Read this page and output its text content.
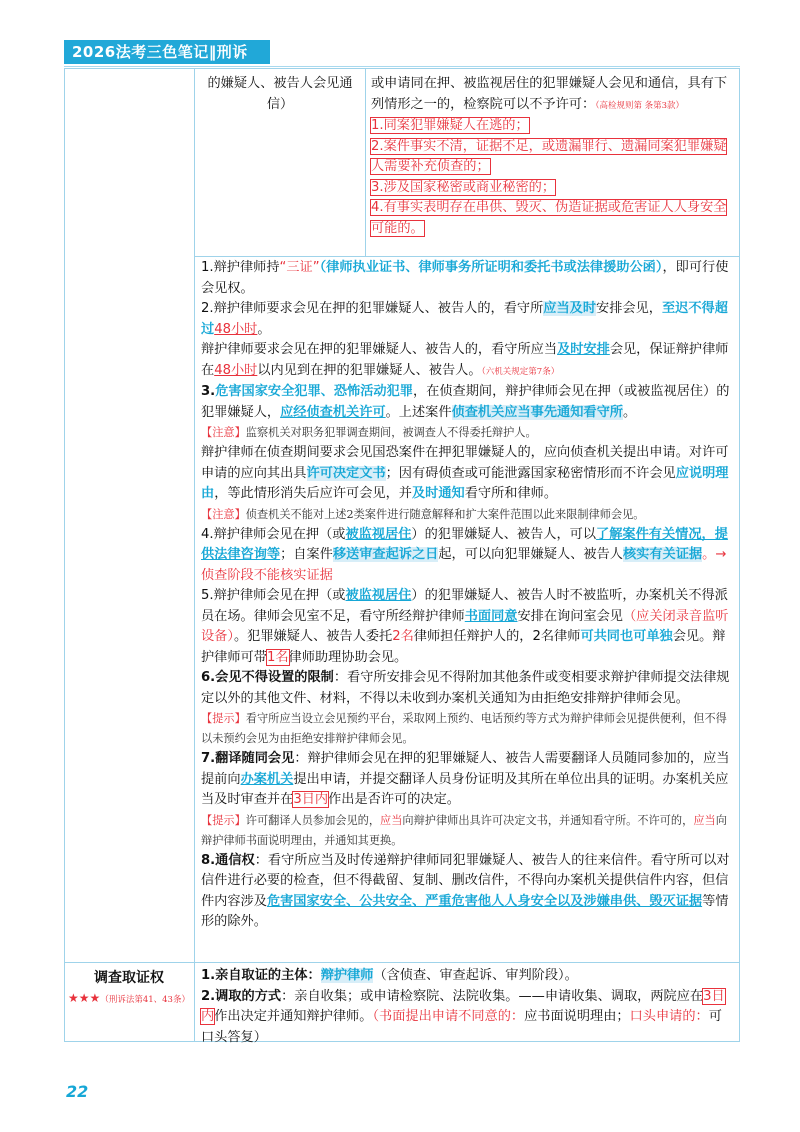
2026法考三色笔记‖刑诉
的嫌疑人、被告人会见通信）

或申请同在押、被监视居住的犯罪嫌疑人会见和通信，具有下列情形之一的，检察院可以不予许可：（高检规则第 条第3款）

1.同案犯罪嫌疑人在逃的；

2.案件事实不清，证据不足，或遗漏罪行、遗漏同案犯罪嫌疑人需要补充侦查的；

3.涉及国家秘密或商业秘密的；

4.有事实表明存在串供、毁灭、伪造证据或危害证人人身安全可能的。

1.辩护律师持“三证”（律师执业证书、律师事务所证明和委托书或法律援助公函），即可行使会见权。

2.辩护律师要求会见在押的犯罪嫌疑人、被告人的，看守所应当及时安排会见，至迟不得超过48小时。

辩护律师要求会见在押的犯罪嫌疑人、被告人的，看守所应当及时安排会见，保证辩护律师在48小时以内见到在押的犯罪嫌疑人、被告人。（六机关规定第7条）

3.危害国家安全犯罪、恐怖活动犯罪，在侦查期间，辩护律师会见在押（或被监视居住）的犯罪嫌疑人，应经侦查机关许可。上述案件侦查机关应当事先通知看守所。

【注意】监察机关对职务犯罪调查期间，被调查人不得委托辩护人。

辩护律师在侦查期间要求会见国恐案件在押犯罪嫌疑人的，应向侦查机关提出申请。对许可申请的应向其出具许可决定文书；因有碍侦查或可能泄露国家秘密情形而不许会见应说明理由，等此情形消失后应许可会见，并及时通知看守所和律师。

【注意】侦查机关不能对上述2类案件进行随意解释和扩大案件范围以此来限制律师会见。

4.辩护律师会见在押（或被监视居住）的犯罪嫌疑人、被告人，可以了解案件有关情况，提供法律咨询等；自案件移送审查起诉之日起，可以向犯罪嫌疑人、被告人核实有关证据。→侦查阶段不能核实证据

5.辩护律师会见在押（或被监视居住）的犯罪嫌疑人、被告人时不被监听，办案机关不得派员在场。律师会见室不足，看守所经辩护律师书面同意安排在询问室会见（应关闭录音监听设备）。犯罪嫌疑人、被告人委托2名律师担任辩护人的，2名律师可共同也可单独会见。辩护律师可带1名律师助理协助会见。

6.会见不得设置的限制：看守所安排会见不得附加其他条件或变相要求辩护律师提交法律规定以外的其他文件、材料，不得以未收到办案机关通知为由拒绝安排辩护律师会见。

【提示】看守所应当设立会见预约平台，采取网上预约、电话预约等方式为辩护律师会见提供便利，但不得以未预约会见为由拒绝安排辩护律师会见。

7.翻译随同会见：辩护律师会见在押的犯罪嫌疑人、被告人需要翻译人员随同参加的，应当提前向办案机关提出申请，并提交翻译人员身份证明及其所在单位出具的证明。办案机关应当及时审查并在3日内作出是否许可的决定。

【提示】许可翻译人员参加会见的，应当向辩护律师出具许可决定文书，并通知看守所。不许可的，应当向辩护律师书面说明理由，并通知其更换。

8.通信权：看守所应当及时传递辩护律师同犯罪嫌疑人、被告人的往来信件。看守所可以对信件进行必要的检查，但不得截留、复制、删改信件，不得向办案机关提供信件内容，但信件内容涉及危害国家安全、公共安全、严重危害他人人身安全以及涉嫌串供、毁灭证据等情形的除外。

调查取证权
★★★（刑诉法第41、43条）

1.亲自取证的主体：辩护律师（含侦查、审查起诉、审判阶段）。

2.调取的方式：亲自收集；或申请检察院、法院收集。——申请收集、调取，两院应在3日内作出决定并通知辩护律师。（书面提出申请不同意的：应书面说明理由；口头申请的：可口头答复）

22
